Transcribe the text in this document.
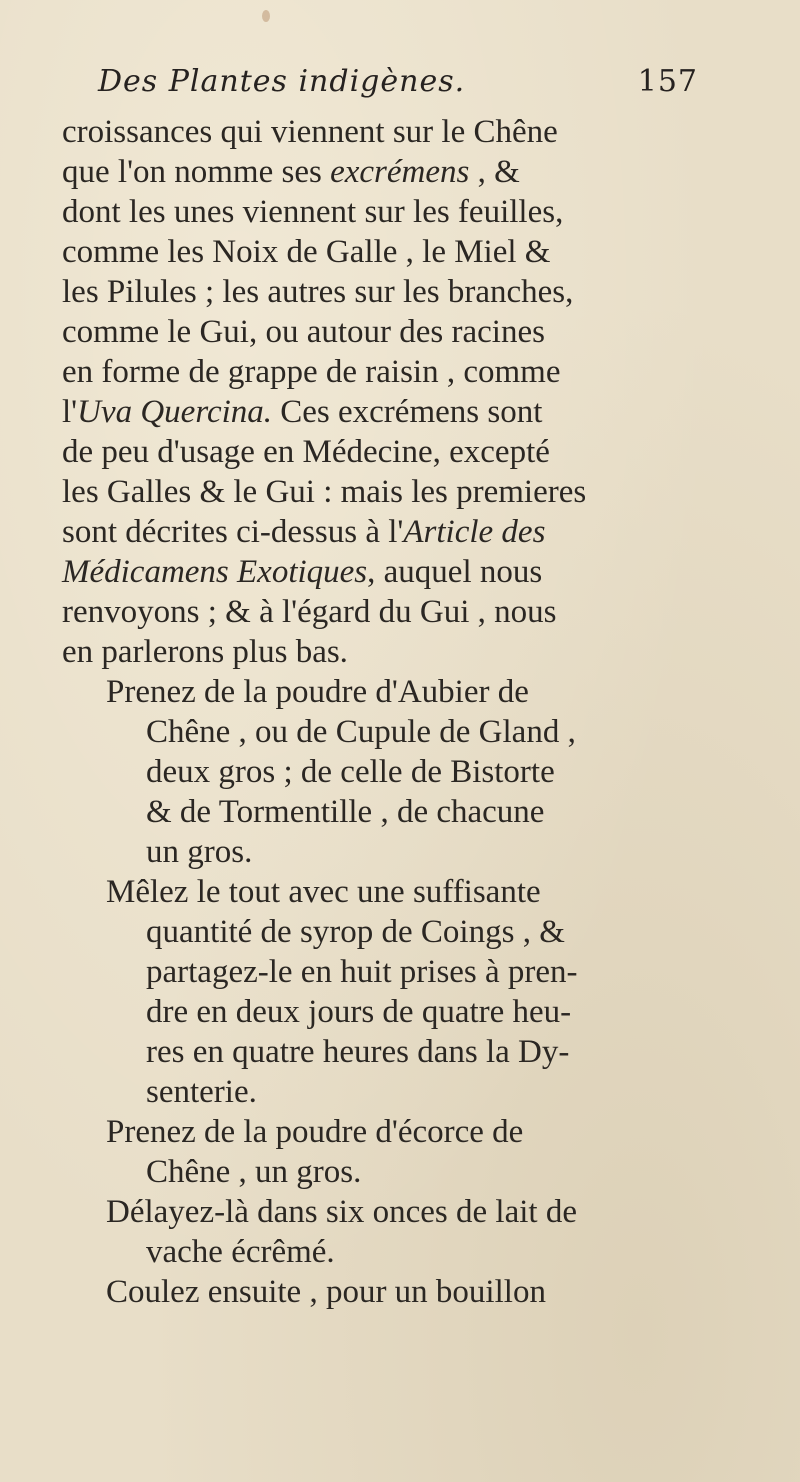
Des Plantes indigènes.	157
croissances qui viennent sur le Chêne
que l'on nomme ses excrémens , &
dont les unes viennent sur les feuilles,
comme les Noix de Galle , le Miel &
les Pilules ; les autres sur les branches,
comme le Gui, ou autour des racines
en forme de grappe de raisin , comme
l'Uva Quercina. Ces excrémens sont
de peu d'usage en Médecine, excepté
les Galles & le Gui : mais les premieres
sont décrites ci-dessus à l'Article des
Médicamens Exotiques, auquel nous
renvoyons ; & à l'égard du Gui , nous
en parlerons plus bas.
Prenez de la poudre d'Aubier de
Chêne , ou de Cupule de Gland ,
deux gros ; de celle de Bistorte
& de Tormentille , de chacune
un gros.
Mêlez le tout avec une suffisante
quantité de syrop de Coings , &
partagez-le en huit prises à pren-
dre en deux jours de quatre heu-
res en quatre heures dans la Dy-
senterie.
Prenez de la poudre d'écorce de
Chêne , un gros.
Délayez-là dans six onces de lait de
vache écrêmé.
Coulez ensuite , pour un bouillon
